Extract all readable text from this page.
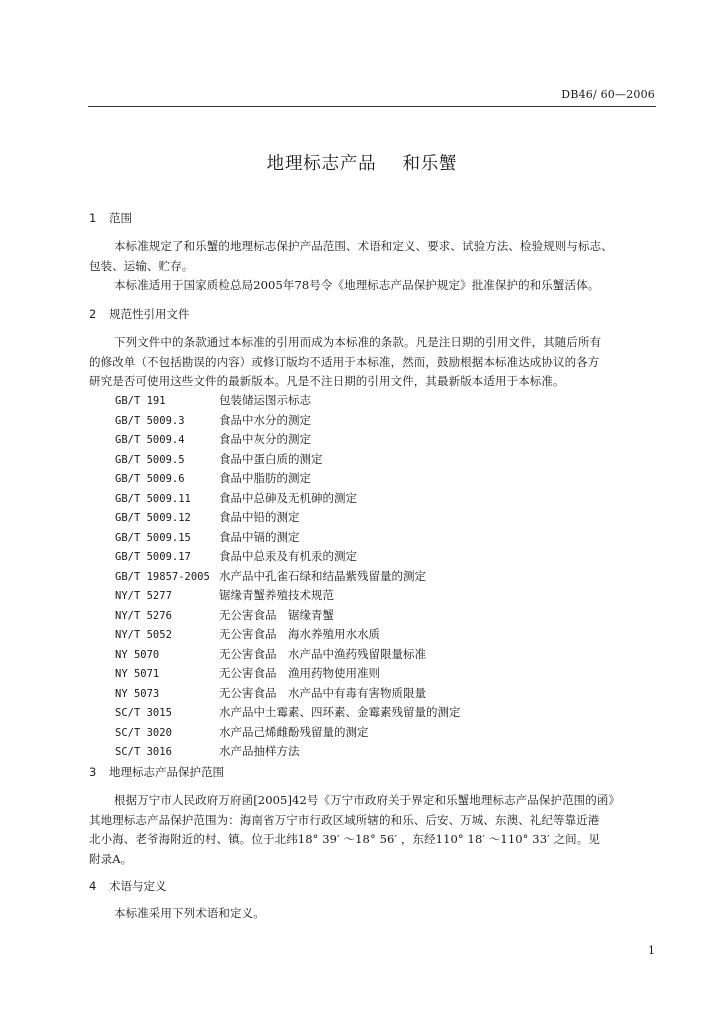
DB46/ 60—2006
地理标志产品 和乐蟹
1 范围
本标准规定了和乐蟹的地理标志保护产品范围、术语和定义、要求、试验方法、检验规则与标志、
包装、运输、贮存。
本标准适用于国家质检总局2005年78号令《地理标志产品保护规定》批准保护的和乐蟹活体。
2 规范性引用文件
下列文件中的条款通过本标准的引用而成为本标准的条款。凡是注日期的引用文件，其随后所有
的修改单（不包括勘误的内容）或修订版均不适用于本标准，然而，鼓励根据本标准达成协议的各方
研究是否可使用这些文件的最新版本。凡是不注日期的引用文件，其最新版本适用于本标准。
GB/T 191	包装储运图示标志
GB/T 5009.3	食品中水分的测定
GB/T 5009.4	食品中灰分的测定
GB/T 5009.5	食品中蛋白质的测定
GB/T 5009.6	食品中脂肪的测定
GB/T 5009.11 食品中总砷及无机砷的测定
GB/T 5009.12 食品中铅的测定
GB/T 5009.15 食品中镉的测定
GB/T 5009.17 食品中总汞及有机汞的测定
GB/T 19857-2005 水产品中孔雀石绿和结晶紫残留量的测定
NY/T 5277	锯缘青蟹养殖技术规范
NY/T 5276	无公害食品　锯缘青蟹
NY/T 5052	无公害食品　海水养殖用水水质
NY 5070	无公害食品　水产品中渔药残留限量标准
NY 5071	无公害食品　渔用药物使用准则
NY 5073	无公害食品　水产品中有毒有害物质限量
SC/T 3015	水产品中土霉素、四环素、金霉素残留量的测定
SC/T 3020	水产品己烯雌酚残留量的测定
SC/T 3016	水产品抽样方法
3 地理标志产品保护范围
根据万宁市人民政府万府函[2005]42号《万宁市政府关于界定和乐蟹地理标志产品保护范围的函》
其地理标志产品保护范围为：海南省万宁市行政区域所辖的和乐、后安、万城、东澳、礼纪等靠近港
北小海、老爷海附近的村、镇。位于北纬18° 39′ ～18° 56′ ，东经110° 18′ ～110° 33′ 之间。见
附录A。
4 术语与定义
本标准采用下列术语和定义。
1
